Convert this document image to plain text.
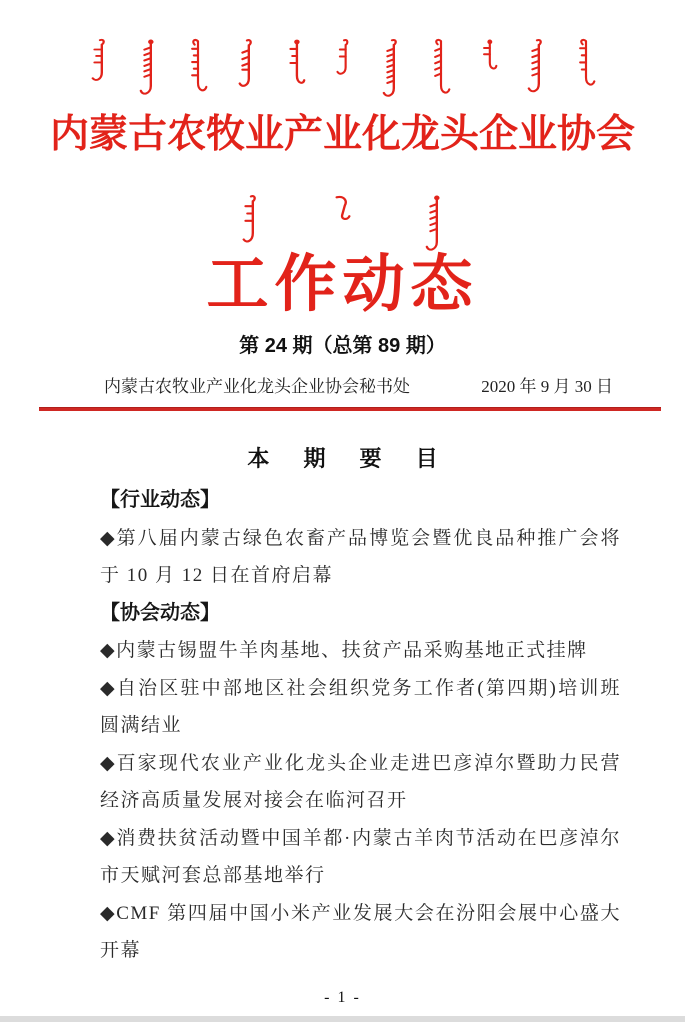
内蒙古农牧业产业化龙头企业协会
工作动态
第 24 期（总第 89 期）
内蒙古农牧业产业化龙头企业协会秘书处	2020 年 9 月 30 日
本 期 要 目
【行业动态】
◆第八届内蒙古绿色农畜产品博览会暨优良品种推广会将于 10 月 12 日在首府启幕
【协会动态】
◆内蒙古锡盟牛羊肉基地、扶贫产品采购基地正式挂牌
◆自治区驻中部地区社会组织党务工作者(第四期)培训班圆满结业
◆百家现代农业产业化龙头企业走进巴彦淖尔暨助力民营经济高质量发展对接会在临河召开
◆消费扶贫活动暨中国羊都·内蒙古羊肉节活动在巴彦淖尔市天赋河套总部基地举行
◆CMF 第四届中国小米产业发展大会在汾阳会展中心盛大开幕
- 1 -
